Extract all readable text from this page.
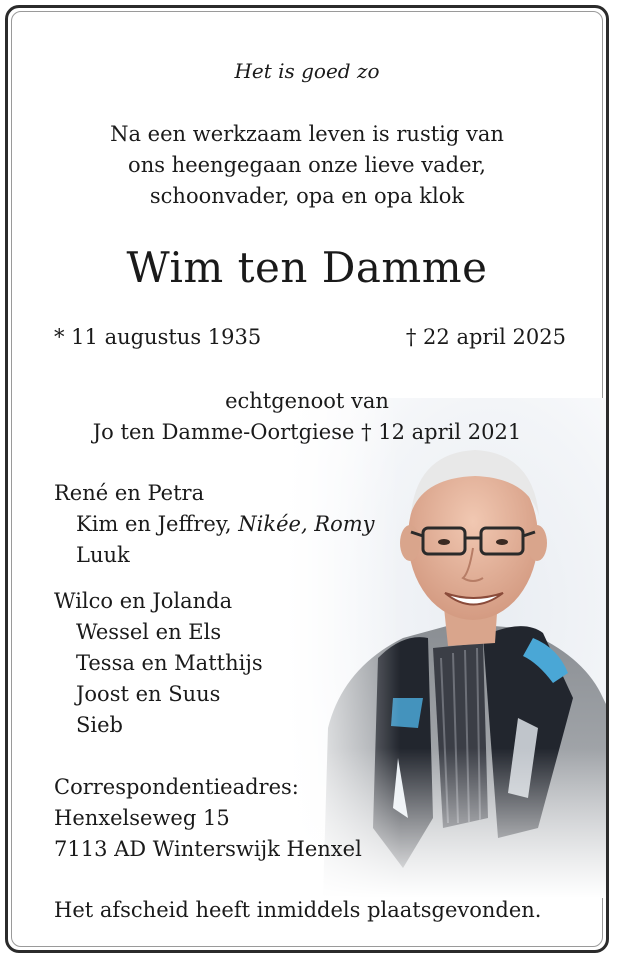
Het is goed zo
Na een werkzaam leven is rustig van
ons heengegaan onze lieve vader,
schoonvader, opa en opa klok
Wim ten Damme
* 11 augustus 1935	† 22 april 2025
echtgenoot van
Jo ten Damme-Oortgiese † 12 april 2021
René en Petra
Kim en Jeffrey, Nikée, Romy
Luuk
Wilco en Jolanda
Wessel en Els
Tessa en Matthijs
Joost en Suus
Sieb
Correspondentieadres:
Henxelseweg 15
7113 AD Winterswijk Henxel
Het afscheid heeft inmiddels plaatsgevonden.
